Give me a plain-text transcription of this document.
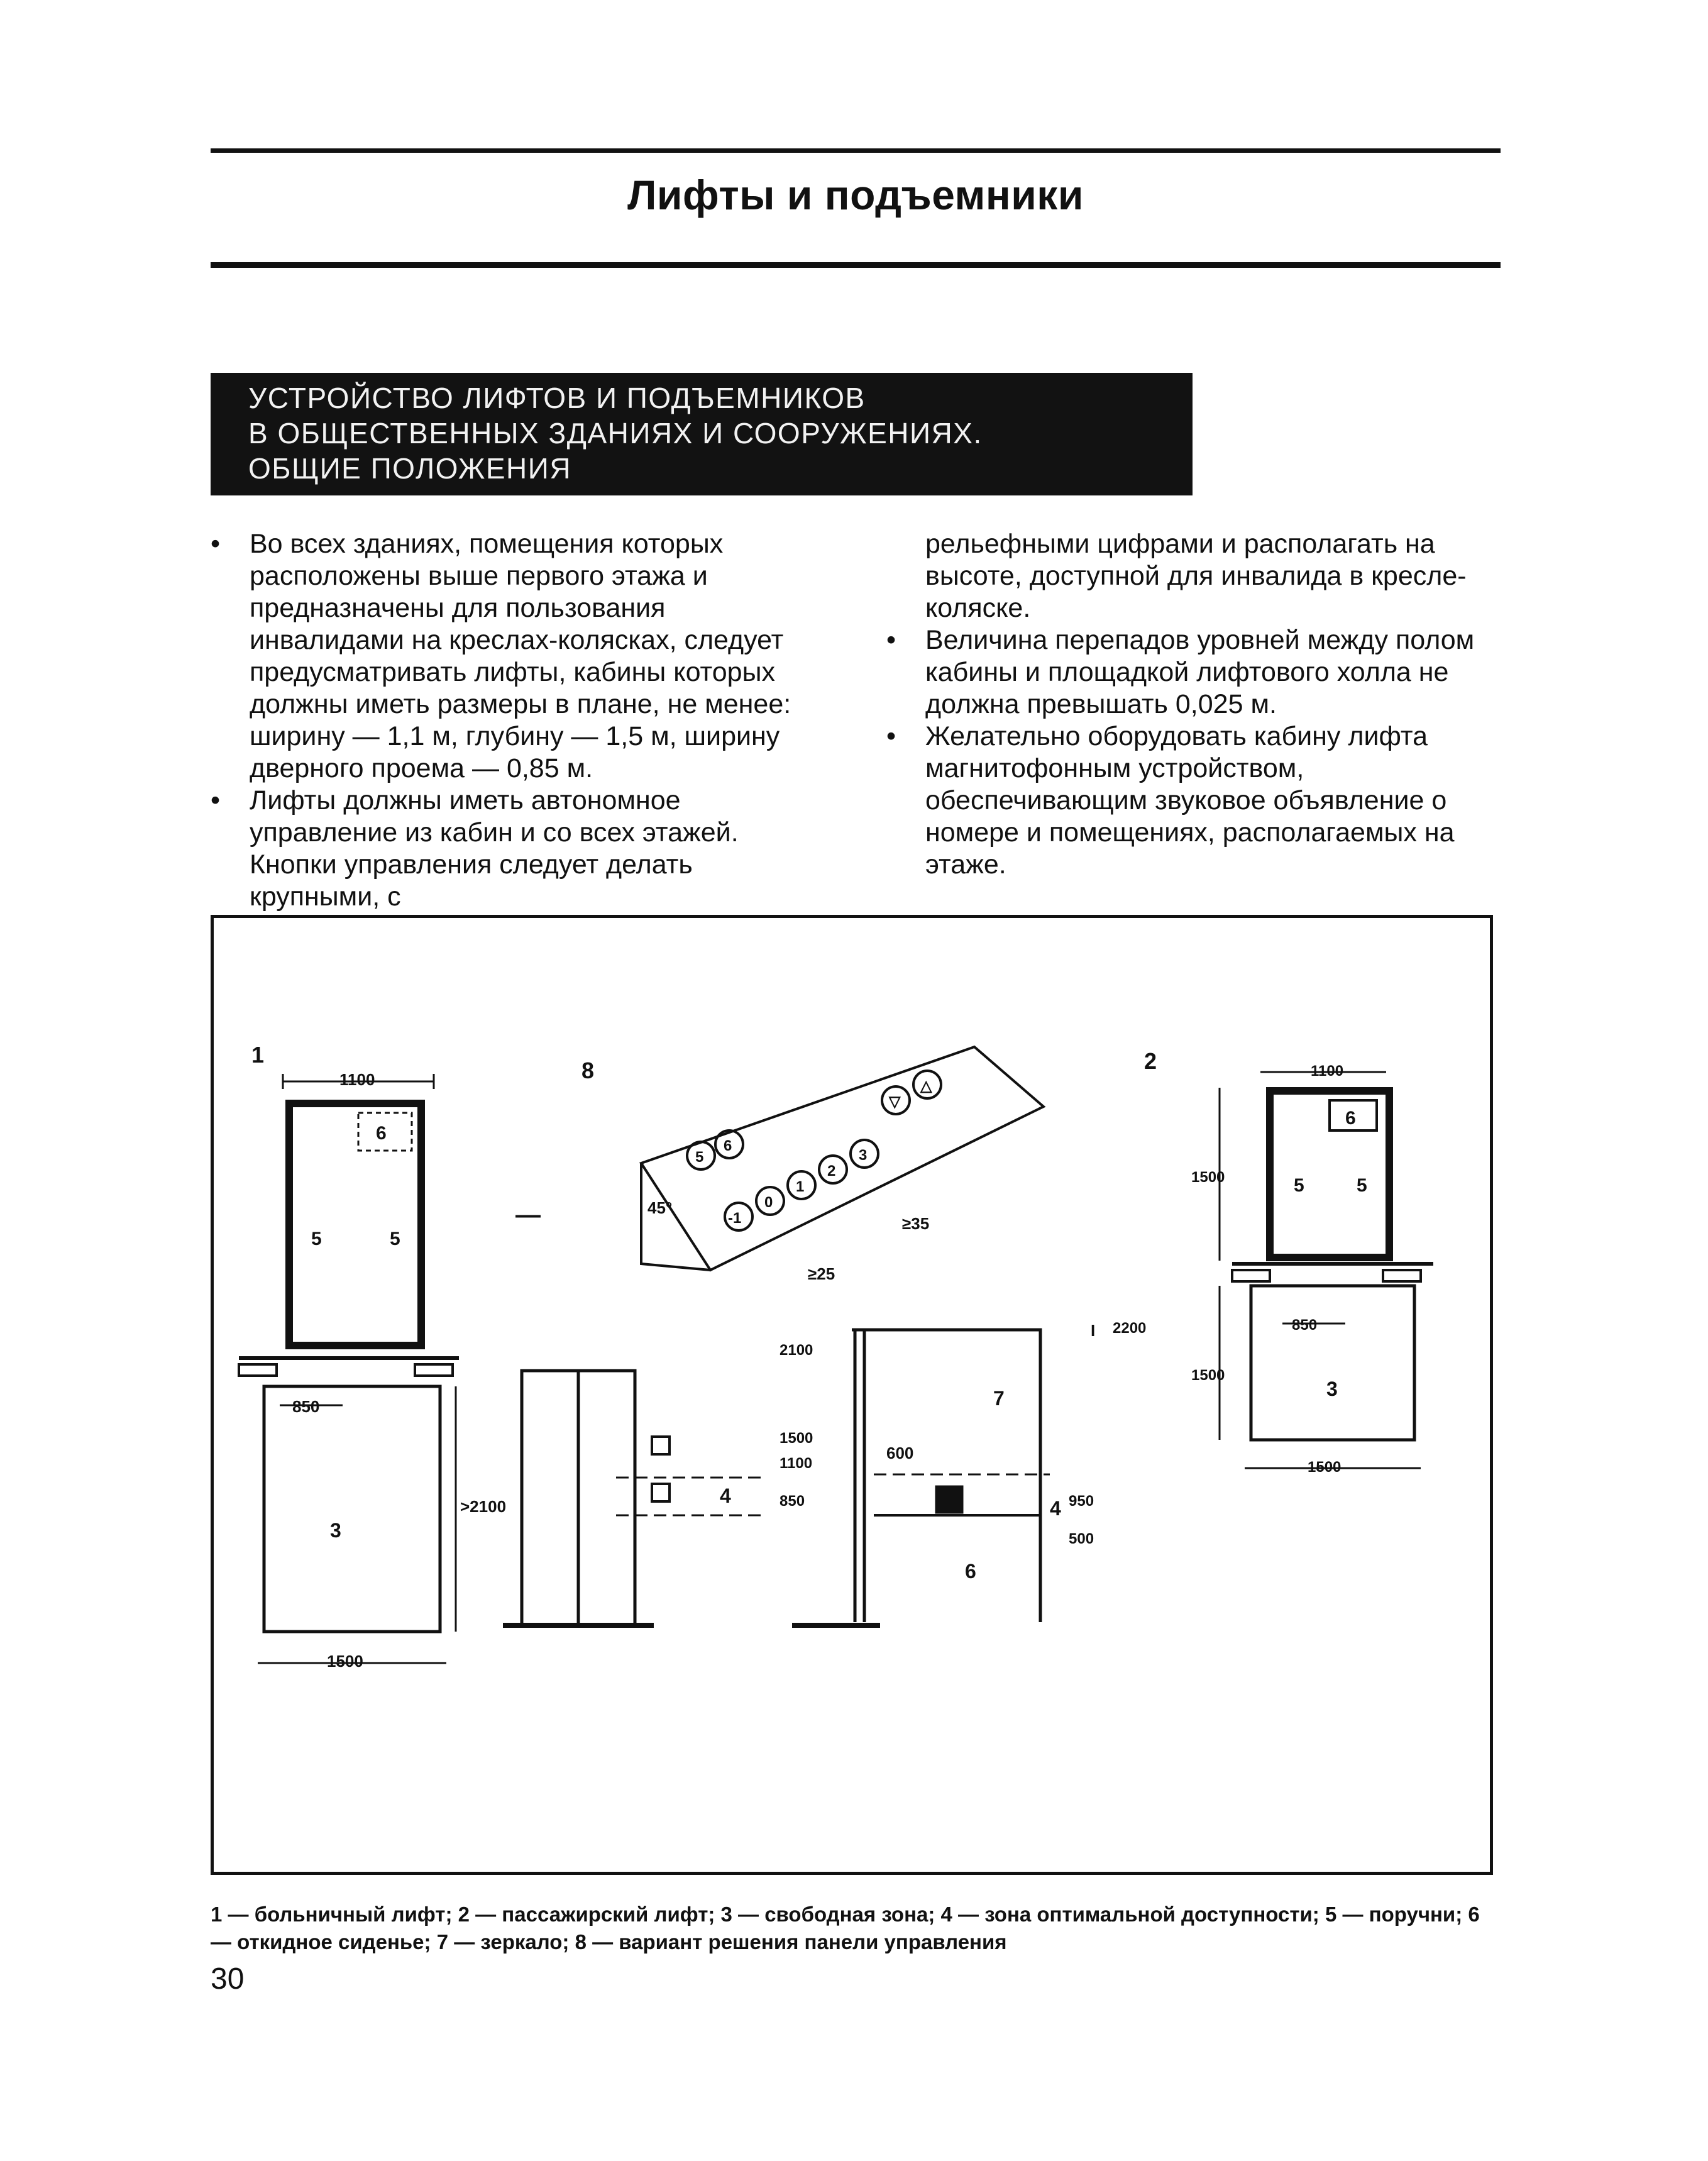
Лифты и подъемники
УСТРОЙСТВО ЛИФТОВ И ПОДЪЕМНИКОВ
В ОБЩЕСТВЕННЫХ ЗДАНИЯХ И СООРУЖЕНИЯХ.
ОБЩИЕ ПОЛОЖЕНИЯ

• Во всех зданиях, помещения которых расположены выше первого этажа и предназначены для пользования инвалидами на креслах-колясках, следует предусматривать лифты, кабины которых должны иметь размеры в плане, не менее: ширину — 1,1 м, глубину — 1,5 м, ширину дверного проема — 0,85 м.

• Лифты должны иметь автономное управление из кабин и со всех этажей. Кнопки управления следует делать крупными, с

рельефными цифрами и располагать на высоте, доступной для инвалида в кресле-коляске.

• Величина перепадов уровней между полом кабины и площадкой лифтового холла не должна превышать 0,025 м.

• Желательно оборудовать кабину лифта магнитофонным устройством, обеспечивающим звуковое объявление о номере и помещениях, располагаемых на этаже.

1
1100
6
5	5
850
3
>2100
1500
—
8
45°
5
6
▽
△
-1
0
1
2
3
≥25
≥35
4
2100
1500
1100
850
600
7
4
6
950
500
I 2200
2	1100
6
5	5
1500
850
3
1500
1500
1 — больничный лифт; 2 — пассажирский лифт; 3 — свободная зона; 4 — зона оптимальной доступности; 5 — поручни; 6 — откидное сиденье; 7 — зеркало; 8 — вариант решения панели управления
30
